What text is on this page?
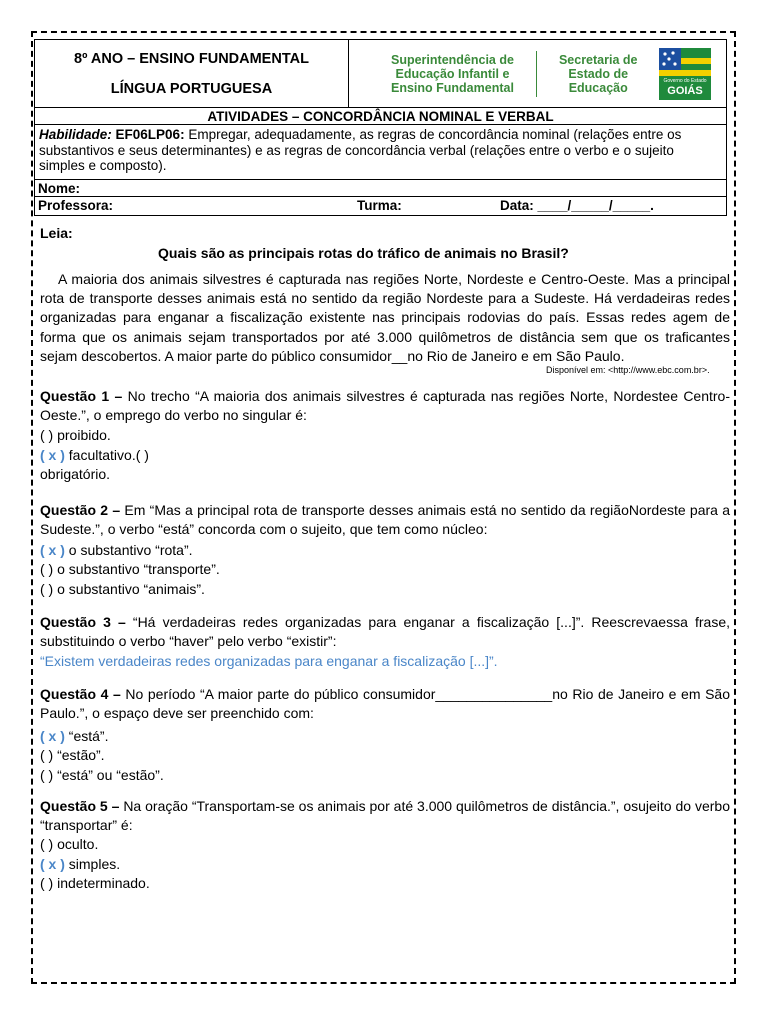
8º ANO – ENSINO FUNDAMENTAL
LÍNGUA PORTUGUESA
Superintendência de
Educação Infantil e
Ensino Fundamental
Secretaria de
Estado de
Educação	Governo do Estado
GOIÁS
ATIVIDADES – CONCORDÂNCIA NOMINAL E VERBAL
Habilidade: EF06LP06: Empregar, adequadamente, as regras de concordância nominal (relações entre os substantivos e seus determinantes) e as regras de concordância verbal (relações entre o verbo e o sujeito simples e composto).
Nome:
Professora:	Turma:	Data: ____/_____/_____.
Leia:
Quais são as principais rotas do tráfico de animais no Brasil?
A maioria dos animais silvestres é capturada nas regiões Norte, Nordeste e Centro-Oeste. Mas a principal rota de transporte desses animais está no sentido da região Nordeste para a Sudeste. Há verdadeiras redes organizadas para enganar a fiscalização existente nas principais rodovias do país. Essas redes agem de forma que os animais sejam transportados por até 3.000 quilômetros de distância sem que os traficantes sejam descobertos. A maior parte do público consumidor__no Rio de Janeiro e em São Paulo.
Disponível em: <http://www.ebc.com.br>.
Questão 1 – No trecho “A maioria dos animais silvestres é capturada nas regiões Norte, Nordestee Centro-Oeste.”, o emprego do verbo no singular é:
( ) proibido.
( x ) facultativo.( )
obrigatório.
Questão 2 – Em “Mas a principal rota de transporte desses animais está no sentido da regiãoNordeste para a Sudeste.”, o verbo “está” concorda com o sujeito, que tem como núcleo:
( x ) o substantivo “rota”.
( ) o substantivo “transporte”.
( ) o substantivo “animais”.
Questão 3 – “Há verdadeiras redes organizadas para enganar a fiscalização [...]”. Reescrevaessa frase, substituindo o verbo “haver” pelo verbo “existir”:
“Existem verdadeiras redes organizadas para enganar a fiscalização [...]”.
Questão 4 – No período “A maior parte do público consumidor_______________no Rio de Janeiro e em São Paulo.”, o espaço deve ser preenchido com:
( x ) “está”.
( ) “estão”.
( ) “está” ou “estão”.
Questão 5 – Na oração “Transportam-se os animais por até 3.000 quilômetros de distância.”, osujeito do verbo “transportar” é:
( ) oculto.
( x ) simples.
( ) indeterminado.
